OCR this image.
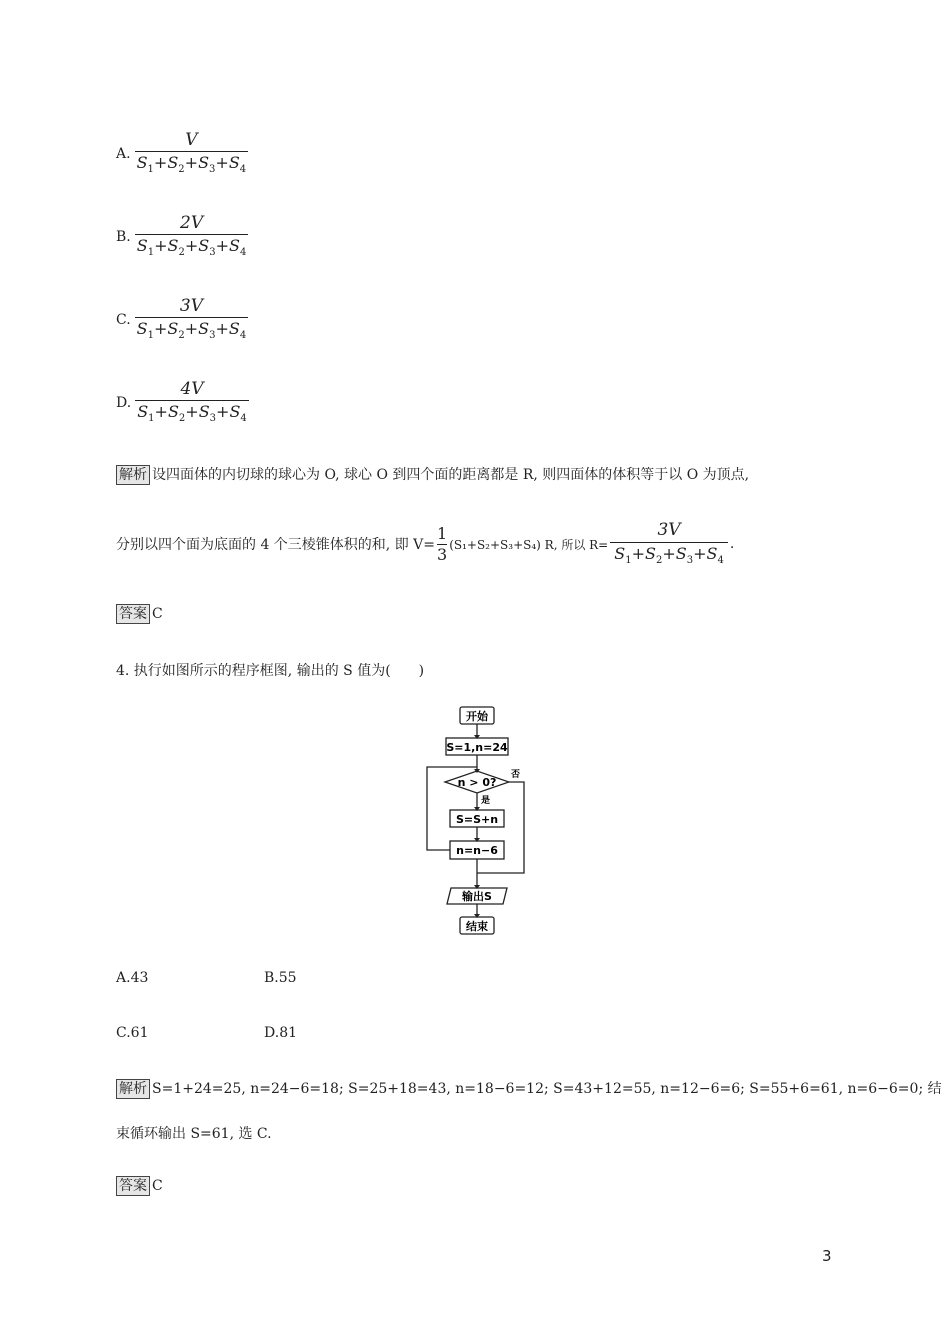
A. $\frac{V}{S_1+S_2+S_3+S_4}$
B. $\frac{2V}{S_1+S_2+S_3+S_4}$
C. $\frac{3V}{S_1+S_2+S_3+S_4}$
D. $\frac{4V}{S_1+S_2+S_3+S_4}$
解析 设四面体的内切球的球心为 O, 球心 O 到四个面的距离都是 R, 则四面体的体积等于以 O 为顶点,
分别以四个面为底面的 4 个三棱锥体积的和, 即 $V= \frac{1}{3} (S_1+S_2+S_3+S_4)$ R, 所以 $R= \frac{3V}{S_1+S_2+S_3+S_4}$ .
答案 C
4. 执行如图所示的程序框图, 输出的 S 值为(　　)
开始
S=1,n=24
n > 0?
否
是
S=S+n
n=n−6
输出S
结束
A.43	B.55
C.61	D.81
解析 S=1+24=25, n=24−6=18; S=25+18=43, n=18−6=12; S=43+12=55, n=12−6=6; S=55+6=61, n=6−6=0; 结
束循环输出 S=61, 选 C.
答案 C
3
